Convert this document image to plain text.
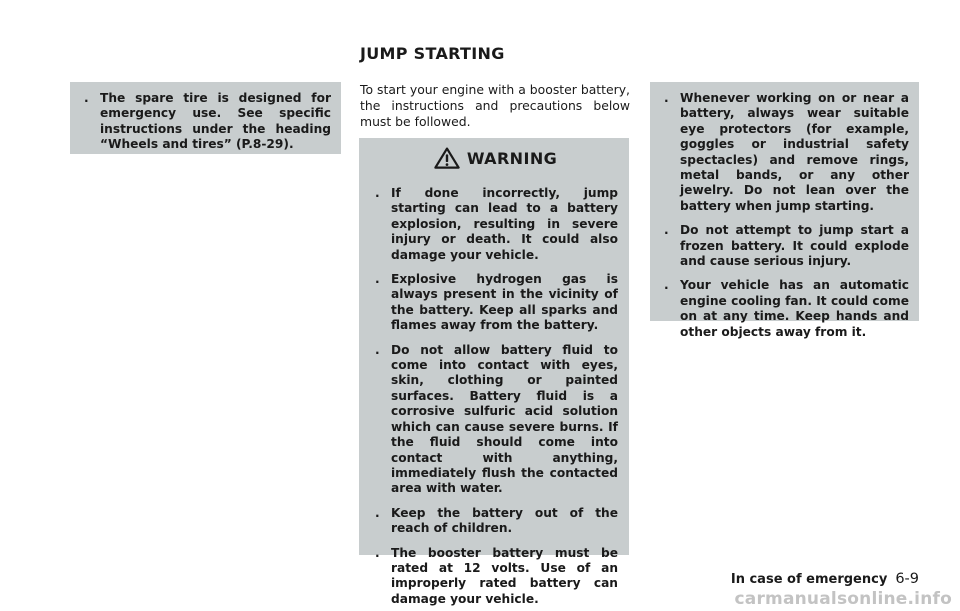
JUMP STARTING
. The spare tire is designed for emergency use. See specific instructions under the heading “Wheels and tires” (P.8-29).
To start your engine with a booster battery, the instructions and precautions below must be followed.
WARNING
. If done incorrectly, jump starting can lead to a battery explosion, resulting in severe injury or death. It could also damage your vehicle.
. Explosive hydrogen gas is always present in the vicinity of the battery. Keep all sparks and flames away from the battery.
. Do not allow battery fluid to come into contact with eyes, skin, clothing or painted surfaces. Battery fluid is a corrosive sulfuric acid solution which can cause severe burns. If the fluid should come into contact with anything, immediately flush the contacted area with water.
. Keep the battery out of the reach of children.
. The booster battery must be rated at 12 volts. Use of an improperly rated battery can damage your vehicle.
. Whenever working on or near a battery, always wear suitable eye protectors (for example, goggles or industrial safety spectacles) and remove rings, metal bands, or any other jewelry. Do not lean over the battery when jump starting.
. Do not attempt to jump start a frozen battery. It could explode and cause serious injury.
. Your vehicle has an automatic engine cooling fan. It could come on at any time. Keep hands and other objects away from it.
In case of emergency 6-9
carmanualsonline.info
